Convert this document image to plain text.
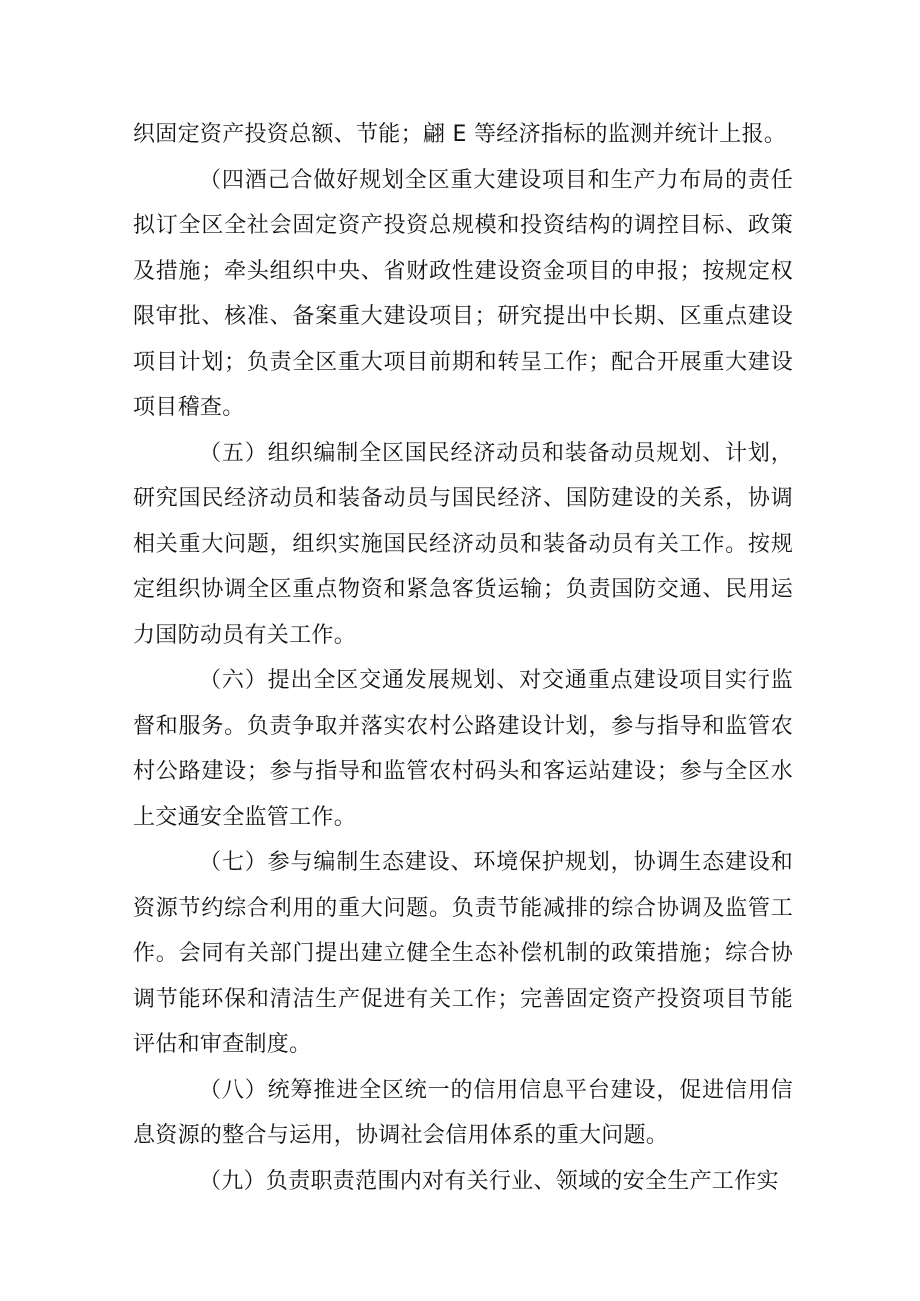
织固定资产投资总额、节能；翩 E 等经济指标的监测并统计上报。

（四酒己合做好规划全区重大建设项目和生产力布局的责任拟订全区全社会固定资产投资总规模和投资结构的调控目标、政策及措施；牵头组织中央、省财政性建设资金项目的申报；按规定权限审批、核准、备案重大建设项目；研究提出中长期、区重点建设项目计划；负责全区重大项目前期和转呈工作；配合开展重大建设项目稽查。

（五）组织编制全区国民经济动员和装备动员规划、计划，研究国民经济动员和装备动员与国民经济、国防建设的关系，协调相关重大问题，组织实施国民经济动员和装备动员有关工作。按规定组织协调全区重点物资和紧急客货运输；负责国防交通、民用运力国防动员有关工作。

（六）提出全区交通发展规划、对交通重点建设项目实行监督和服务。负责争取并落实农村公路建设计划，参与指导和监管农村公路建设；参与指导和监管农村码头和客运站建设；参与全区水上交通安全监管工作。

（七）参与编制生态建设、环境保护规划，协调生态建设和资源节约综合利用的重大问题。负责节能减排的综合协调及监管工作。会同有关部门提出建立健全生态补偿机制的政策措施；综合协调节能环保和清洁生产促进有关工作；完善固定资产投资项目节能评估和审查制度。

（八）统筹推进全区统一的信用信息平台建设，促进信用信息资源的整合与运用，协调社会信用体系的重大问题。

（九）负责职责范围内对有关行业、领域的安全生产工作实
